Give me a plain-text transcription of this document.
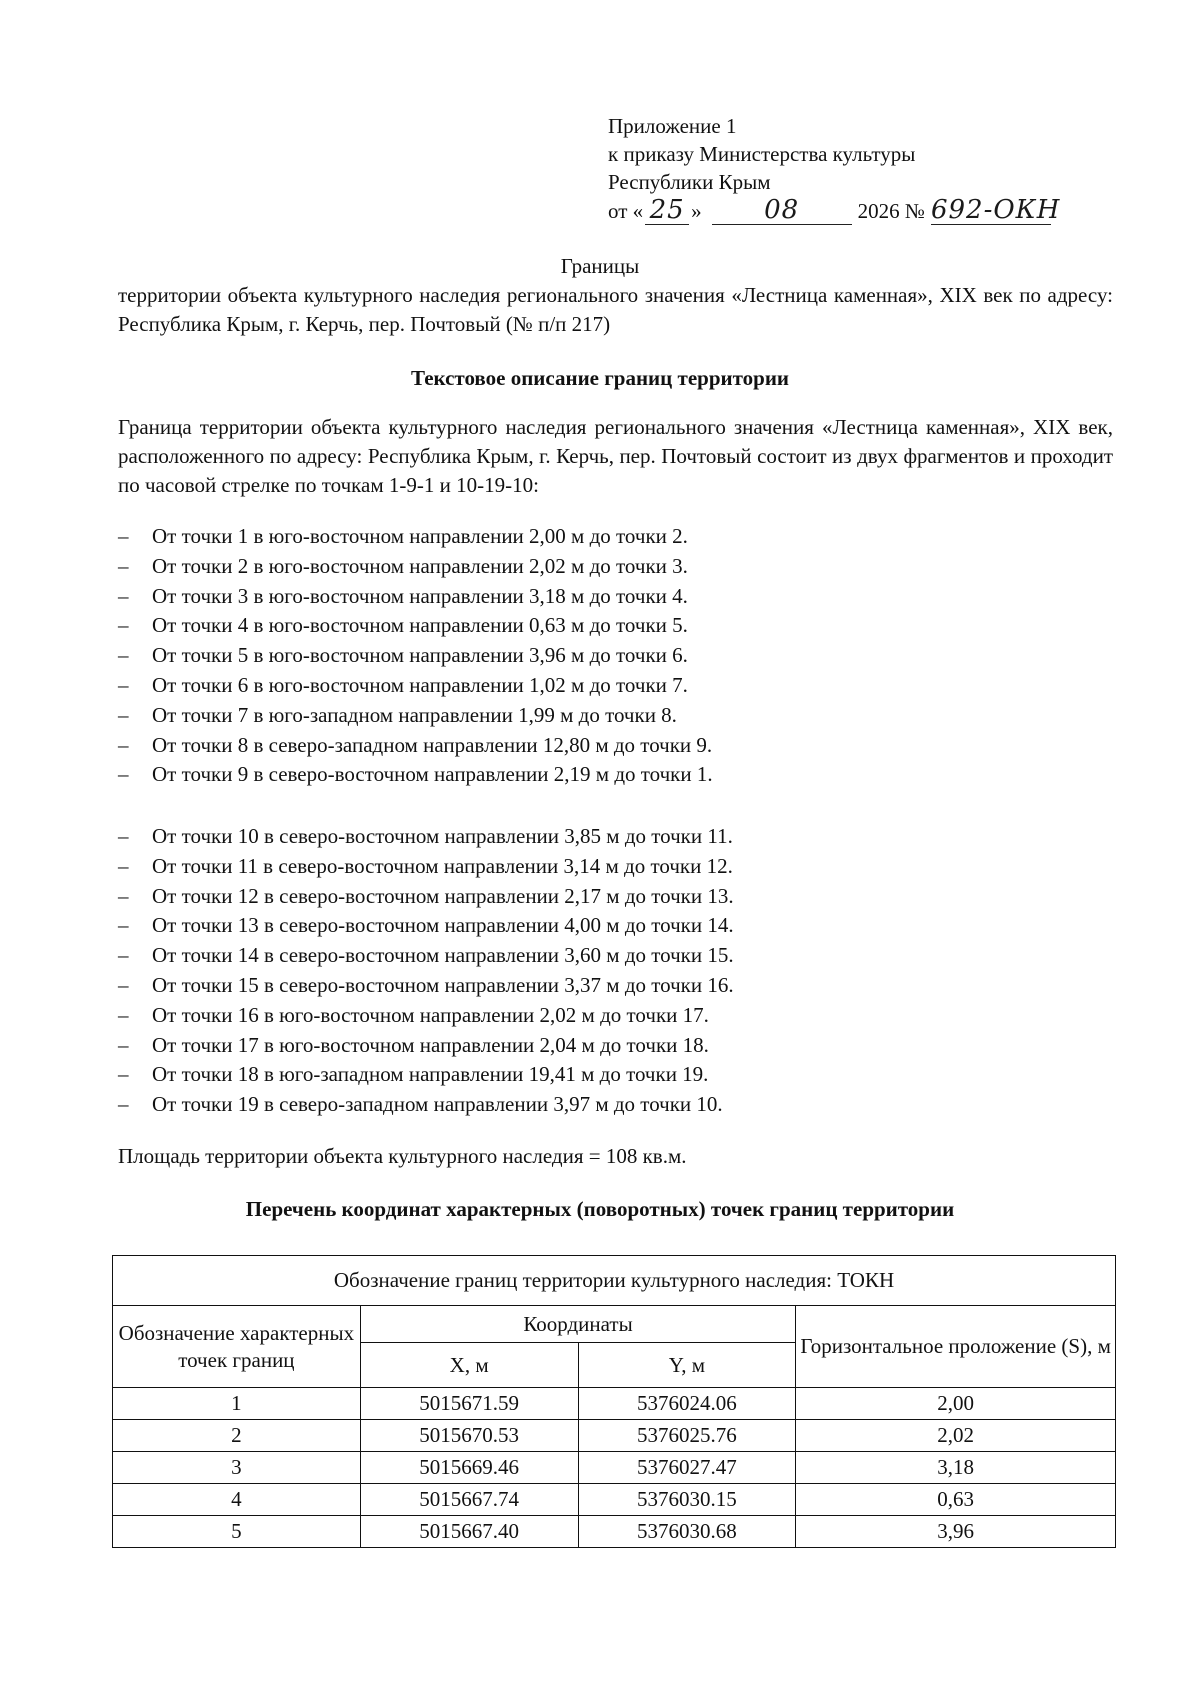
Приложение 1
к приказу Министерства культуры
Республики Крым
от « 25 »	08	2026 № 692-ОКН
Границы
территории объекта культурного наследия регионального значения «Лестница каменная», XIX век по адресу: Республика Крым, г. Керчь, пер. Почтовый (№ п/п 217)
Текстовое описание границ территории
Граница территории объекта культурного наследия регионального значения «Лестница каменная», XIX век, расположенного по адресу: Республика Крым, г. Керчь, пер. Почтовый состоит из двух фрагментов и проходит по часовой стрелке по точкам 1-9-1 и 10-19-10:
–	От точки 1 в юго-восточном направлении 2,00 м до точки 2.
–	От точки 2 в юго-восточном направлении 2,02 м до точки 3.
–	От точки 3 в юго-восточном направлении 3,18 м до точки 4.
–	От точки 4 в юго-восточном направлении 0,63 м до точки 5.
–	От точки 5 в юго-восточном направлении 3,96 м до точки 6.
–	От точки 6 в юго-восточном направлении 1,02 м до точки 7.
–	От точки 7 в юго-западном направлении 1,99 м до точки 8.
–	От точки 8 в северо-западном направлении 12,80 м до точки 9.
–	От точки 9 в северо-восточном направлении 2,19 м до точки 1.
–	От точки 10 в северо-восточном направлении 3,85 м до точки 11.
–	От точки 11 в северо-восточном направлении 3,14 м до точки 12.
–	От точки 12 в северо-восточном направлении 2,17 м до точки 13.
–	От точки 13 в северо-восточном направлении 4,00 м до точки 14.
–	От точки 14 в северо-восточном направлении 3,60 м до точки 15.
–	От точки 15 в северо-восточном направлении 3,37 м до точки 16.
–	От точки 16 в юго-восточном направлении 2,02 м до точки 17.
–	От точки 17 в юго-восточном направлении 2,04 м до точки 18.
–	От точки 18 в юго-западном направлении 19,41 м до точки 19.
–	От точки 19 в северо-западном направлении 3,97 м до точки 10.
Площадь территории объекта культурного наследия = 108 кв.м.
Перечень координат характерных (поворотных) точек границ территории
Обозначение границ территории культурного наследия: ТОКН			
Обозначение характерных точек границ	Координаты		Горизонтальное проложение (S), м
	X, м	Y, м	
1	5015671.59	5376024.06	2,00
2	5015670.53	5376025.76	2,02
3	5015669.46	5376027.47	3,18
4	5015667.74	5376030.15	0,63
5	5015667.40	5376030.68	3,96
